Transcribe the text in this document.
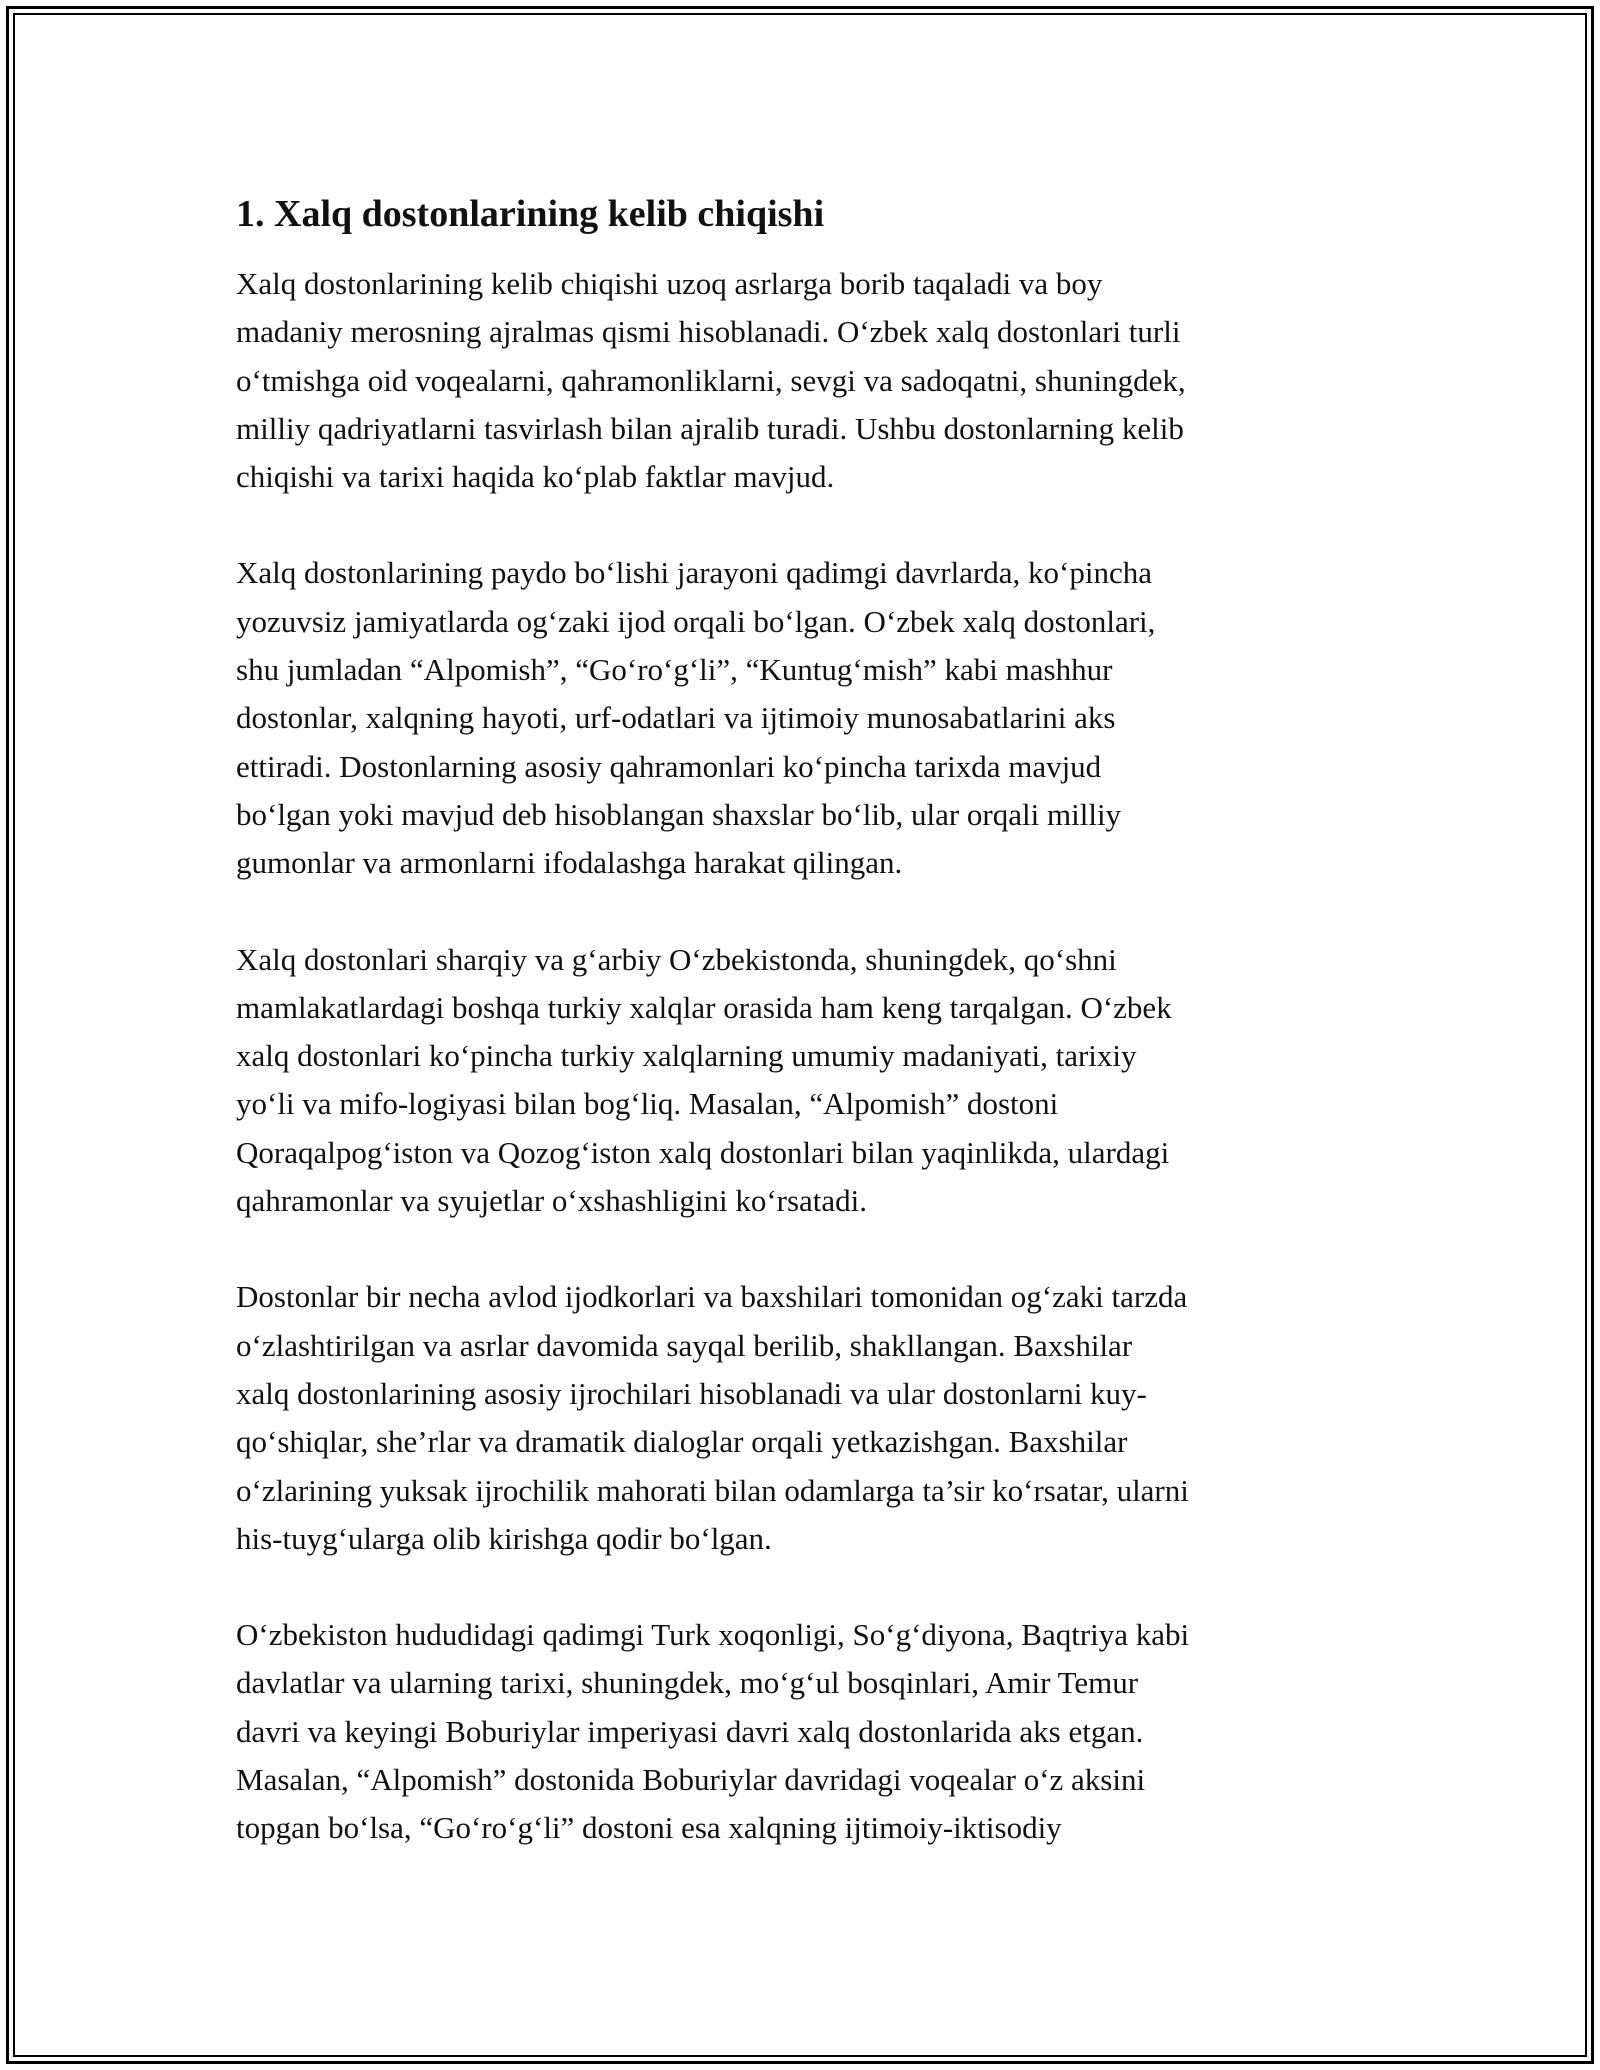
1. Xalq dostonlarining kelib chiqishi

Xalq dostonlarining kelib chiqishi uzoq asrlarga borib taqaladi va boy
madaniy merosning ajralmas qismi hisoblanadi. O‘zbek xalq dostonlari turli
o‘tmishga oid voqealarni, qahramonliklarni, sevgi va sadoqatni, shuningdek,
milliy qadriyatlarni tasvirlash bilan ajralib turadi. Ushbu dostonlarning kelib
chiqishi va tarixi haqida ko‘plab faktlar mavjud.

Xalq dostonlarining paydo bo‘lishi jarayoni qadimgi davrlarda, ko‘pincha
yozuvsiz jamiyatlarda og‘zaki ijod orqali bo‘lgan. O‘zbek xalq dostonlari,
shu jumladan “Alpomish”, “Go‘ro‘g‘li”, “Kuntug‘mish” kabi mashhur
dostonlar, xalqning hayoti, urf-odatlari va ijtimoiy munosabatlarini aks
ettiradi. Dostonlarning asosiy qahramonlari ko‘pincha tarixda mavjud
bo‘lgan yoki mavjud deb hisoblangan shaxslar bo‘lib, ular orqali milliy
gumonlar va armonlarni ifodalashga harakat qilingan.

Xalq dostonlari sharqiy va g‘arbiy O‘zbekistonda, shuningdek, qo‘shni
mamlakatlardagi boshqa turkiy xalqlar orasida ham keng tarqalgan. O‘zbek
xalq dostonlari ko‘pincha turkiy xalqlarning umumiy madaniyati, tarixiy
yo‘li va mifo-logiyasi bilan bog‘liq. Masalan, “Alpomish” dostoni
Qoraqalpog‘iston va Qozog‘iston xalq dostonlari bilan yaqinlikda, ulardagi
qahramonlar va syujetlar o‘xshashligini ko‘rsatadi.

Dostonlar bir necha avlod ijodkorlari va baxshilari tomonidan og‘zaki tarzda
o‘zlashtirilgan va asrlar davomida sayqal berilib, shakllangan. Baxshilar
xalq dostonlarining asosiy ijrochilari hisoblanadi va ular dostonlarni kuy-
qo‘shiqlar, she’rlar va dramatik dialoglar orqali yetkazishgan. Baxshilar
o‘zlarining yuksak ijrochilik mahorati bilan odamlarga ta’sir ko‘rsatar, ularni
his-tuyg‘ularga olib kirishga qodir bo‘lgan.

O‘zbekiston hududidagi qadimgi Turk xoqonligi, So‘g‘diyona, Baqtriya kabi
davlatlar va ularning tarixi, shuningdek, mo‘g‘ul bosqinlari, Amir Temur
davri va keyingi Boburiylar imperiyasi davri xalq dostonlarida aks etgan.
Masalan, “Alpomish” dostonida Boburiylar davridagi voqealar o‘z aksini
topgan bo‘lsa, “Go‘ro‘g‘li” dostoni esa xalqning ijtimoiy-iktisodiy
